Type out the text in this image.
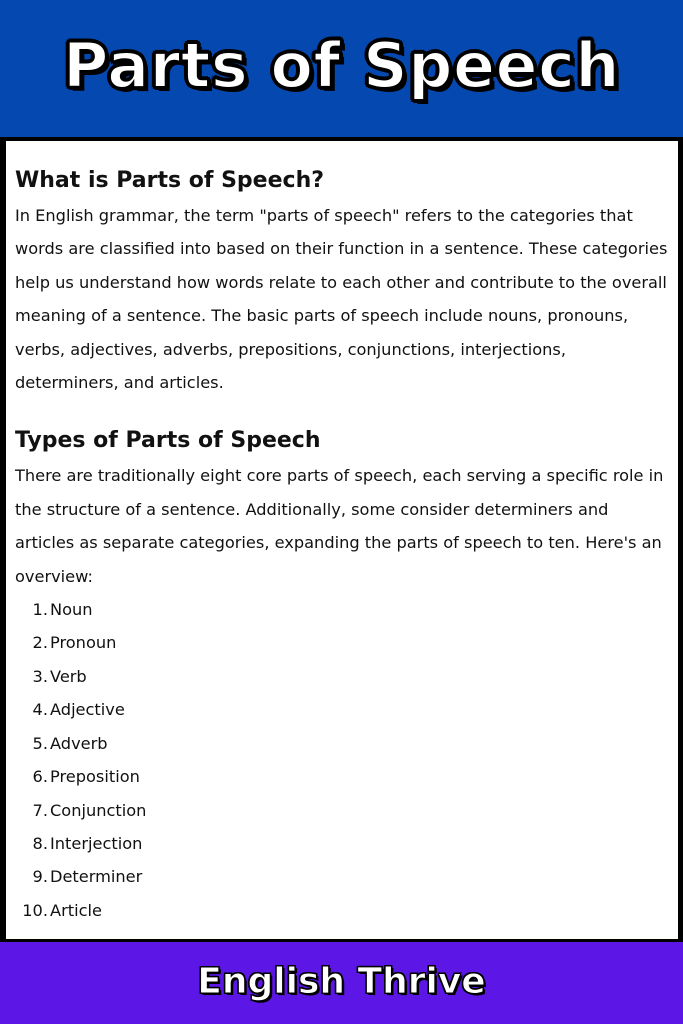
Parts of Speech
What is Parts of Speech?

In English grammar, the term "parts of speech" refers to the categories that words are classified into based on their function in a sentence. These categories help us understand how words relate to each other and contribute to the overall meaning of a sentence. The basic parts of speech include nouns, pronouns, verbs, adjectives, adverbs, prepositions, conjunctions, interjections, determiners, and articles.

Types of Parts of Speech

There are traditionally eight core parts of speech, each serving a specific role in the structure of a sentence. Additionally, some consider determiners and articles as separate categories, expanding the parts of speech to ten. Here's an overview:

1. Noun
2. Pronoun
3. Verb
4. Adjective
5. Adverb
6. Preposition
7. Conjunction
8. Interjection
9. Determiner
10. Article
English Thrive
